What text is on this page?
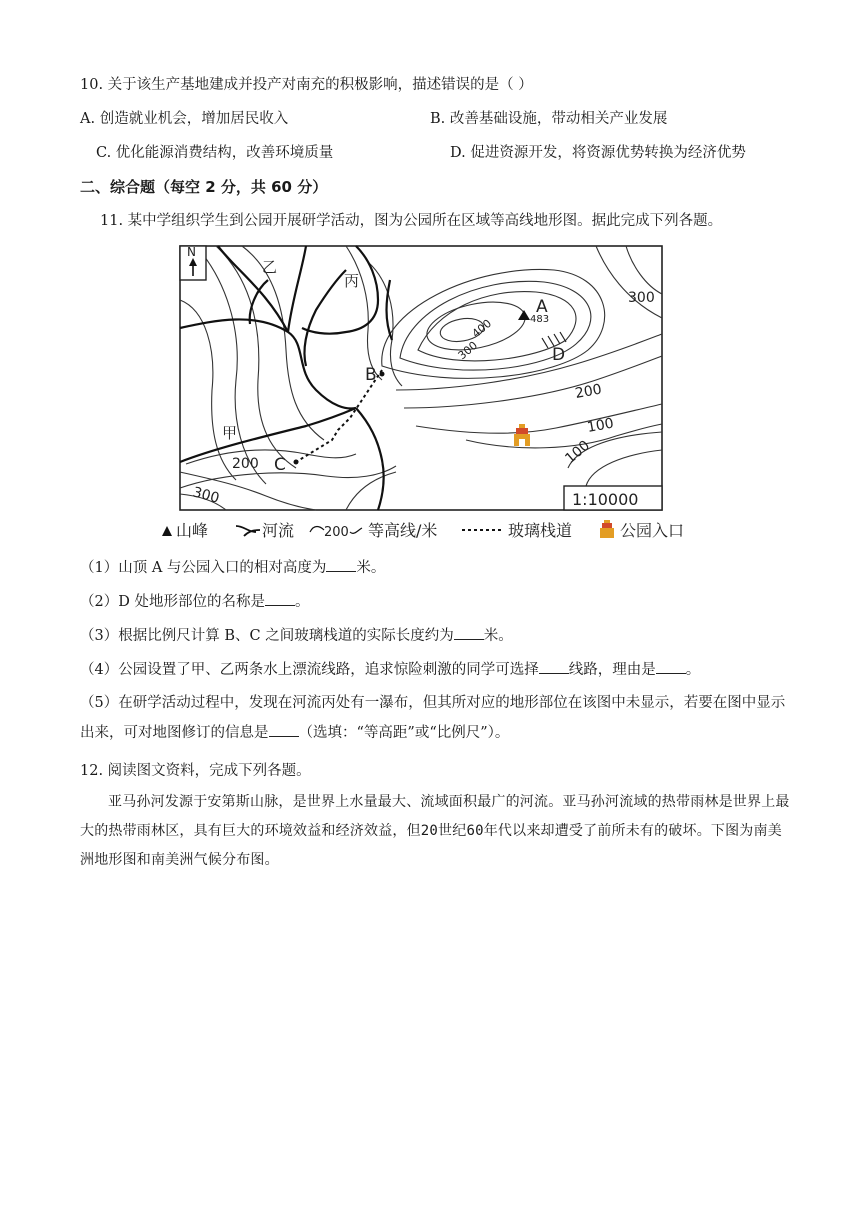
10. 关于该生产基地建成并投产对南充的积极影响，描述错误的是（ ）
A. 创造就业机会，增加居民收入	B. 改善基础设施，带动相关产业发展
C. 优化能源消费结构，改善环境质量	D. 促进资源开发，将资源优势转换为经济优势
二、综合题（每空 2 分，共 60 分）
11. 某中学组织学生到公园开展研学活动，图为公园所在区域等高线地形图。据此完成下列各题。
N
1:10000
乙
丙
甲
A
483
B
C
D
300
200
100
100
200
300
300
400
山峰	河流 200 等高线/米	玻璃栈道	公园入口
（1）山顶 A 与公园入口的相对高度为 米。
（2）D 处地形部位的名称是 。
（3）根据比例尺计算 B、C 之间玻璃栈道的实际长度约为 米。
（4）公园设置了甲、乙两条水上漂流线路，追求惊险刺激的同学可选择 线路，理由是 。
（5）在研学活动过程中，发现在河流丙处有一瀑布，但其所对应的地形部位在该图中未显示，若要在图中显示出来，可对地图修订的信息是 （选填：“等高距”或“比例尺”）。
12. 阅读图文资料，完成下列各题。
亚马孙河发源于安第斯山脉，是世界上水量最大、流域面积最广的河流。亚马孙河流域的热带雨林是世界上最大的热带雨林区，具有巨大的环境效益和经济效益，但20世纪60年代以来却遭受了前所未有的破坏。下图为南美洲地形图和南美洲气候分布图。
